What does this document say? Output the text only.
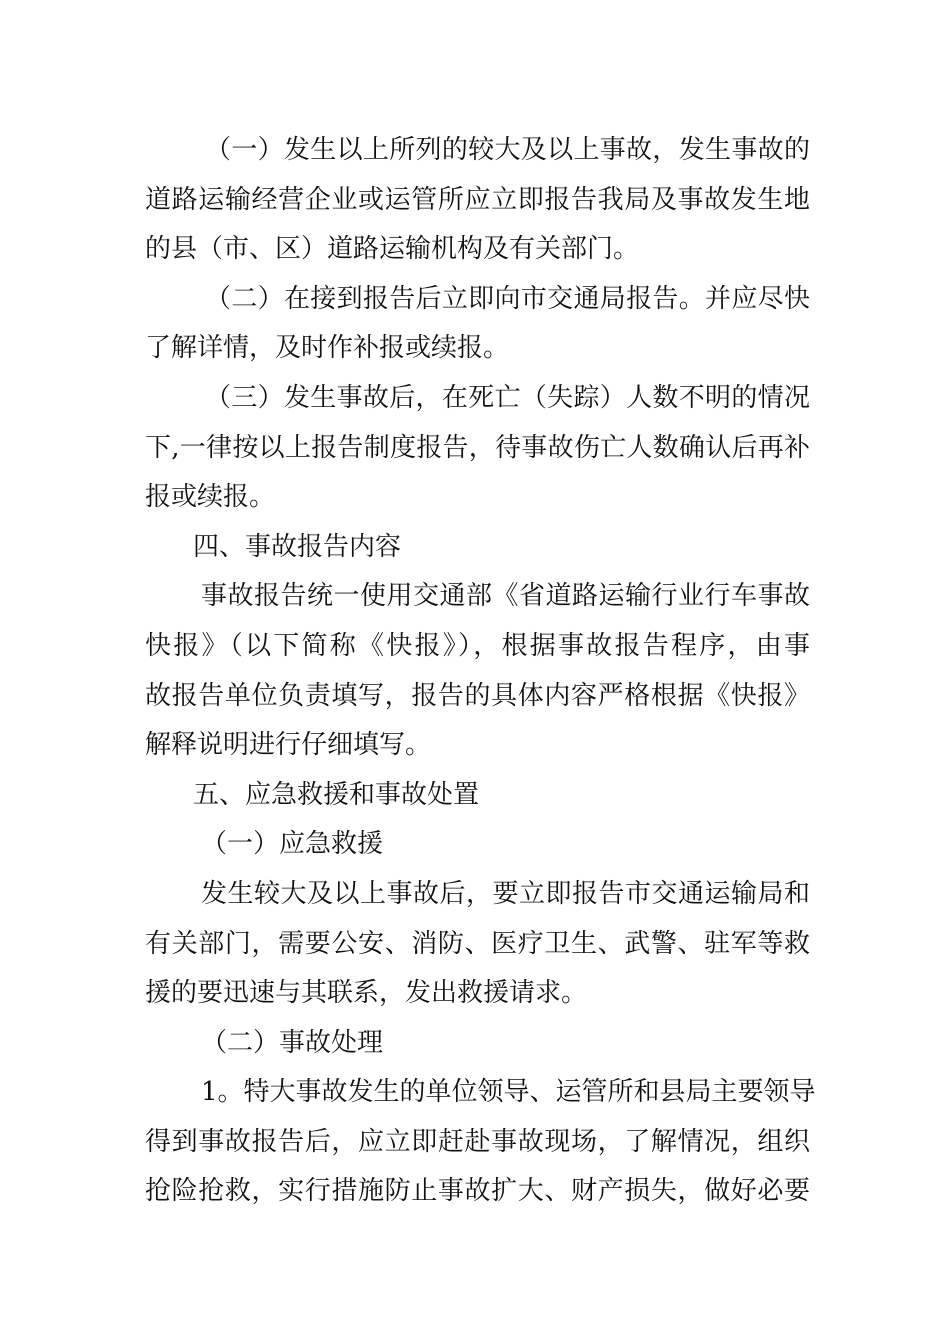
（一）发生以上所列的较大及以上事故，发生事故的
道路运输经营企业或运管所应立即报告我局及事故发生地
的县（市、区）道路运输机构及有关部门。
（二）在接到报告后立即向市交通局报告。并应尽快
了解详情，及时作补报或续报。
（三）发生事故后，在死亡（失踪）人数不明的情况
下,一律按以上报告制度报告，待事故伤亡人数确认后再补
报或续报。
四、事故报告内容
事故报告统一使用交通部《省道路运输行业行车事故
快报》（以下简称《快报》），根据事故报告程序，由事
故报告单位负责填写，报告的具体内容严格根据《快报》
解释说明进行仔细填写。
五、应急救援和事故处置
（一）应急救援
发生较大及以上事故后，要立即报告市交通运输局和
有关部门，需要公安、消防、医疗卫生、武警、驻军等救
援的要迅速与其联系，发出救援请求。
（二）事故处理
1。特大事故发生的单位领导、运管所和县局主要领导
得到事故报告后，应立即赶赴事故现场，了解情况，组织
抢险抢救，实行措施防止事故扩大、财产损失，做好必要
